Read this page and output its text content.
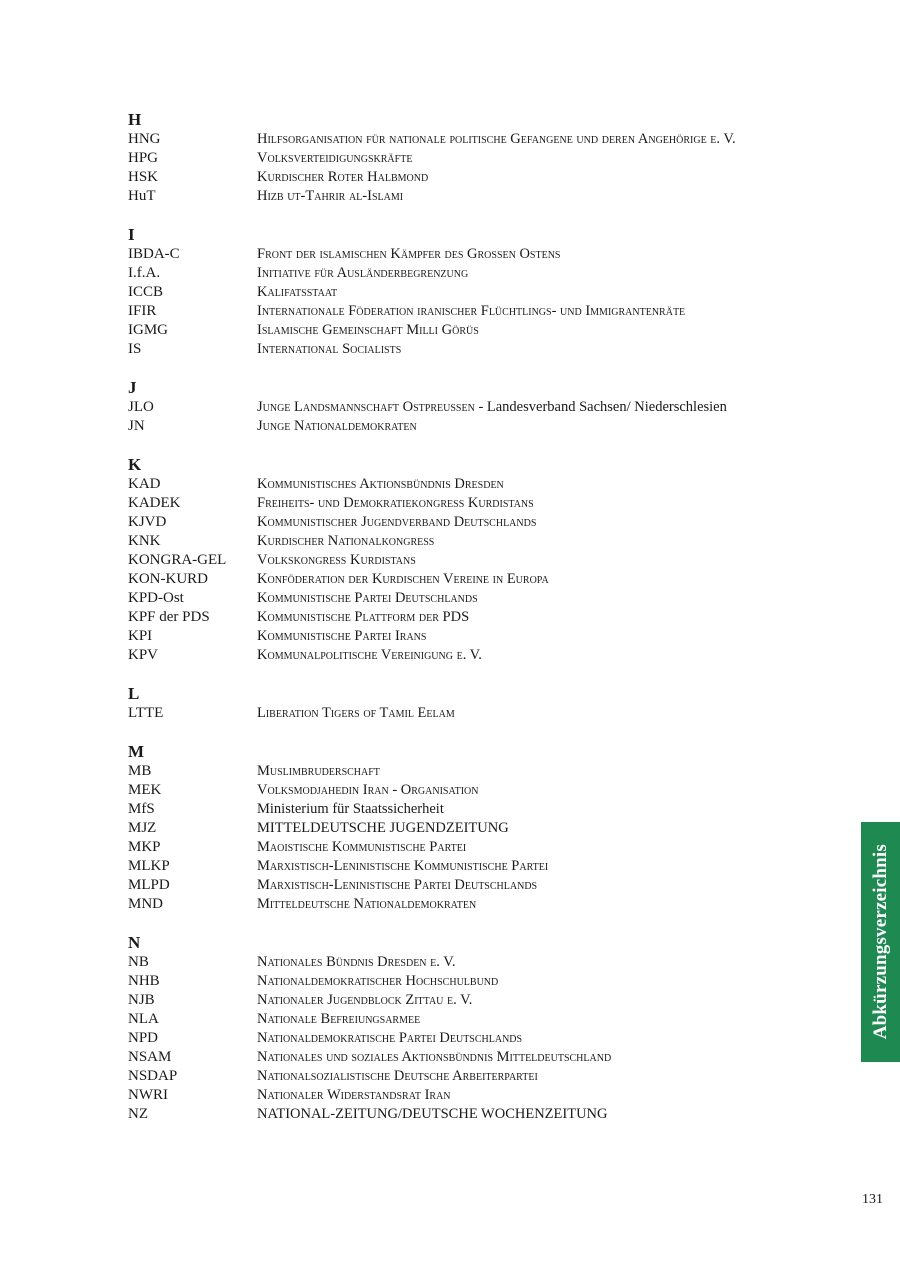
H
HNG	Hilfsorganisation für nationale politische Gefangene und deren Angehörige e. V.
HPG	Volksverteidigungskräfte
HSK	Kurdischer Roter Halbmond
HuT	Hizb ut-Tahrir al-Islami
I
IBDA-C	Front der islamischen Kämpfer des Großen Ostens
I.f.A.	Initiative für Ausländerbegrenzung
ICCB	Kalifatsstaat
IFIR	Internationale Föderation iranischer Flüchtlings- und Immigrantenräte
IGMG	Islamische Gemeinschaft Milli Görüs
IS	International Socialists
J
JLO	Junge Landsmannschaft Ostpreußen - Landesverband Sachsen/ Niederschlesien
JN	Junge Nationaldemokraten
K
KAD	Kommunistisches Aktionsbündnis Dresden
KADEK	Freiheits- und Demokratiekongress Kurdistans
KJVD	Kommunistischer Jugendverband Deutschlands
KNK	Kurdischer Nationalkongress
KONGRA-GEL	Volkskongress Kurdistans
KON-KURD	Konföderation der Kurdischen Vereine in Europa
KPD-Ost	Kommunistische Partei Deutschlands
KPF der PDS	Kommunistische Plattform der PDS
KPI	Kommunistische Partei Irans
KPV	Kommunalpolitische Vereinigung e. V.
L
LTTE	Liberation Tigers of Tamil Eelam
M
MB	Muslimbruderschaft
MEK	Volksmodjahedin Iran - Organisation
MfS	Ministerium für Staatssicherheit
MJZ	MITTELDEUTSCHE JUGENDZEITUNG
MKP	Maoistische Kommunistische Partei
MLKP	Marxistisch-Leninistische Kommunistische Partei
MLPD	Marxistisch-Leninistische Partei Deutschlands
MND	Mitteldeutsche Nationaldemokraten
N
NB	Nationales Bündnis Dresden e. V.
NHB	Nationaldemokratischer Hochschulbund
NJB	Nationaler Jugendblock Zittau e. V.
NLA	Nationale Befreiungsarmee
NPD	Nationaldemokratische Partei Deutschlands
NSAM	Nationales und soziales Aktionsbündnis Mitteldeutschland
NSDAP	Nationalsozialistische Deutsche Arbeiterpartei
NWRI	Nationaler Widerstandsrat Iran
NZ	NATIONAL-ZEITUNG/DEUTSCHE WOCHENZEITUNG
Abkürzungsverzeichnis
131
